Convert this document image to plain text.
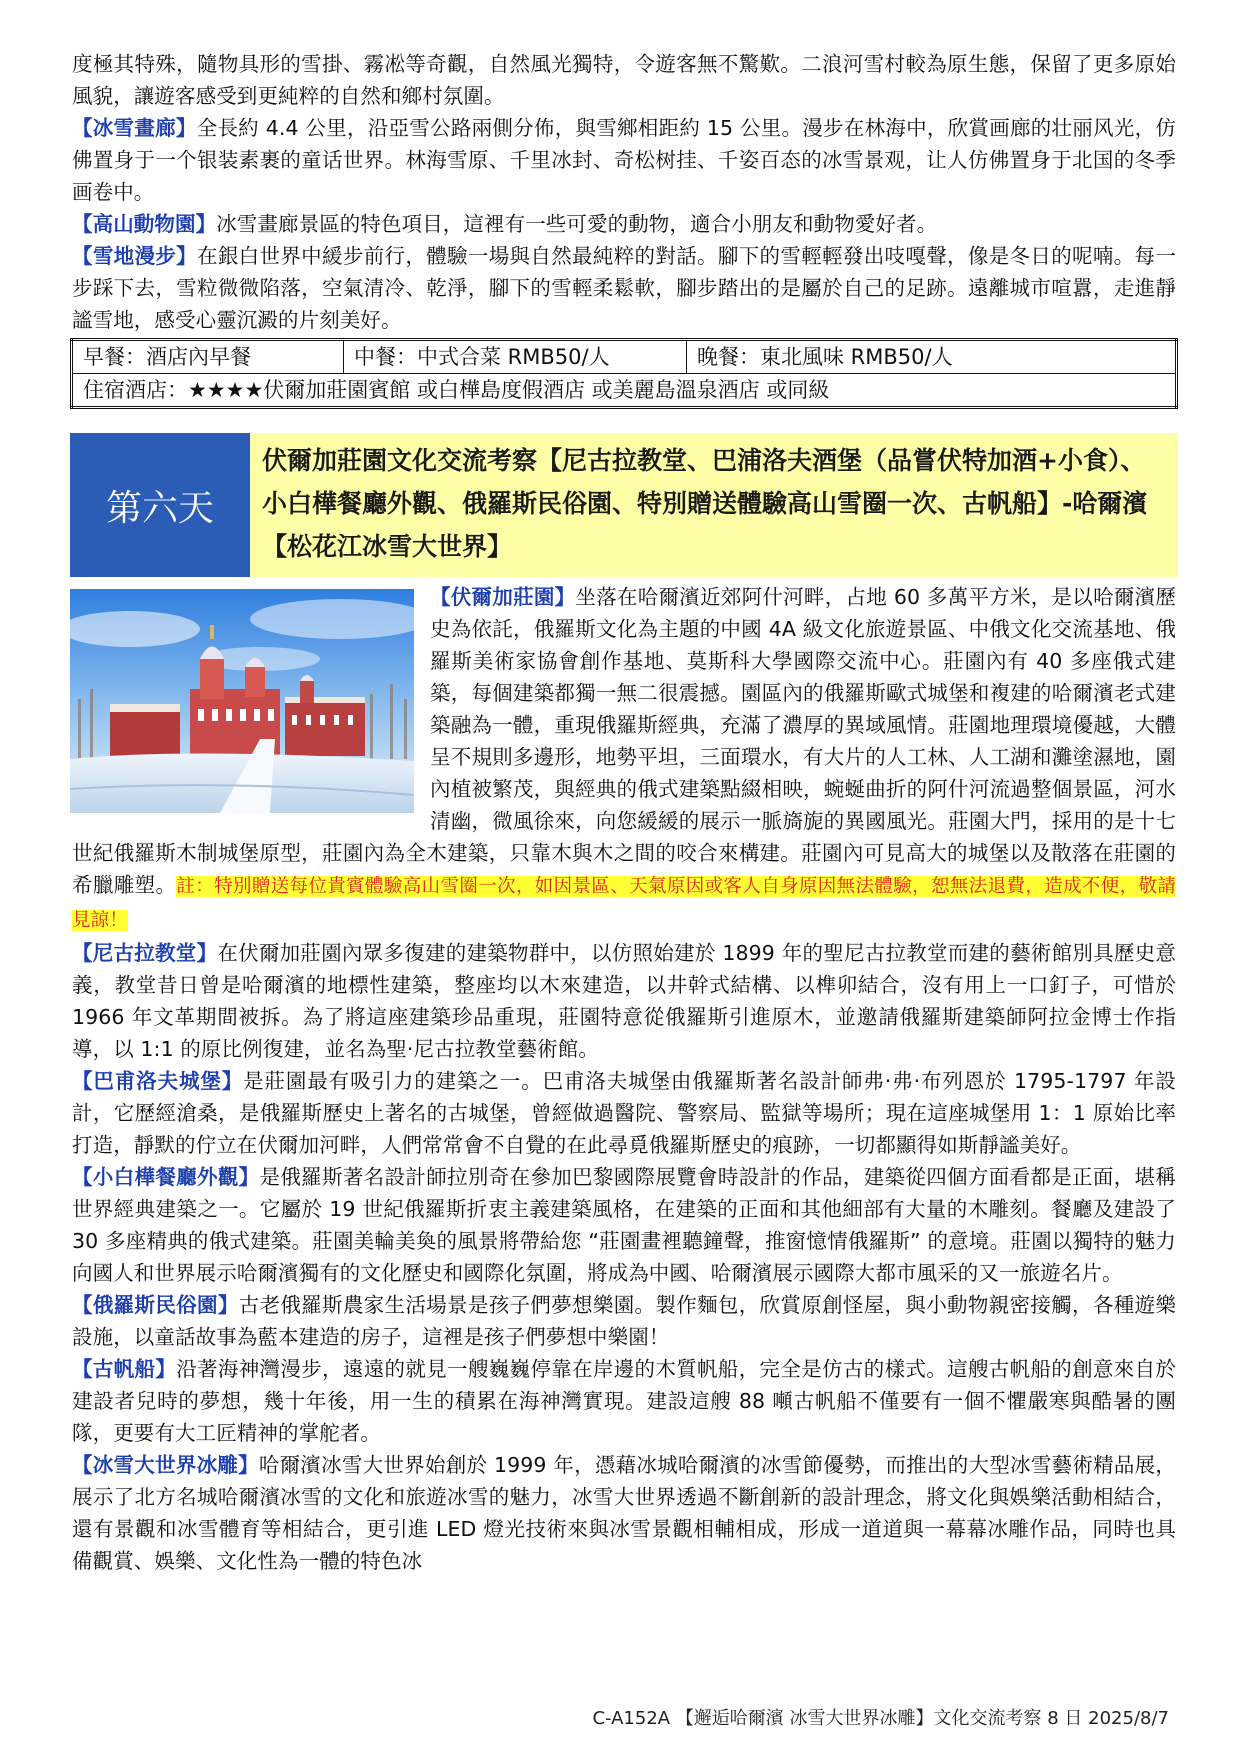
度極其特殊，隨物具形的雪掛、霧凇等奇觀，自然風光獨特，令遊客無不驚歎。二浪河雪村較為原生態，保留了更多原始風貌，讓遊客感受到更純粹的自然和鄉村氛圍。

【冰雪畫廊】全長約 4.4 公里，沿亞雪公路兩側分佈，與雪鄉相距約 15 公里。漫步在林海中，欣賞画廊的壮丽风光，仿佛置身于一个银装素裹的童话世界。林海雪原、千里冰封、奇松树挂、千姿百态的冰雪景观，让人仿佛置身于北国的冬季画卷中。

【高山動物園】冰雪畫廊景區的特色項目，這裡有一些可愛的動物，適合小朋友和動物愛好者。

【雪地漫步】在銀白世界中緩步前行，體驗一場與自然最純粹的對話。腳下的雪輕輕發出吱嘎聲，像是冬日的呢喃。每一步踩下去，雪粒微微陷落，空氣清冷、乾淨，腳下的雪輕柔鬆軟，腳步踏出的是屬於自己的足跡。遠離城市喧囂，走進靜謐雪地，感受心靈沉澱的片刻美好。

早餐：酒店內早餐	中餐：中式合菜 RMB50/人	晚餐：東北風味 RMB50/人
住宿酒店：★★★★伏爾加莊園賓館 或白樺島度假酒店 或美麗島溫泉酒店 或同級
第六天
伏爾加莊園文化交流考察【尼古拉教堂、巴浦洛夫酒堡（品嘗伏特加酒+小食）、小白樺餐廳外觀、俄羅斯民俗園、特別贈送體驗高山雪圈一次、古帆船】-哈爾濱【松花江冰雪大世界】

【伏爾加莊園】坐落在哈爾濱近郊阿什河畔，占地 60 多萬平方米，是以哈爾濱歷史為依託，俄羅斯文化為主題的中國 4A 級文化旅遊景區、中俄文化交流基地、俄羅斯美術家協會創作基地、莫斯科大學國際交流中心。莊園內有 40 多座俄式建築，每個建築都獨一無二很震撼。園區內的俄羅斯歐式城堡和複建的哈爾濱老式建築融為一體，重現俄羅斯經典，充滿了濃厚的異域風情。莊園地理環境優越，大體呈不規則多邊形，地勢平坦，三面環水，有大片的人工林、人工湖和灘塗濕地，園內植被繁茂，與經典的俄式建築點綴相映，蜿蜒曲折的阿什河流過整個景區，河水清幽，微風徐來，向您緩緩的展示一脈旖旎的異國風光。莊園大門，採用的是十七世紀俄羅斯木制城堡原型，莊園內為全木建築，只靠木與木之間的咬合來構建。莊園內可見高大的城堡以及散落在莊園的希臘雕塑。註：特別贈送每位貴賓體驗高山雪圈一次，如因景區、天氣原因或客人自身原因無法體驗，恕無法退費，造成不便，敬請見諒！

【尼古拉教堂】在伏爾加莊園內眾多復建的建築物群中，以仿照始建於 1899 年的聖尼古拉教堂而建的藝術館別具歷史意義，教堂昔日曾是哈爾濱的地標性建築，整座均以木來建造，以井幹式結構、以榫卯結合，沒有用上一口釘子，可惜於 1966 年文革期間被拆。為了將這座建築珍品重現，莊園特意從俄羅斯引進原木，並邀請俄羅斯建築師阿拉金博士作指導，以 1:1 的原比例復建，並名為聖·尼古拉教堂藝術館。

【巴甫洛夫城堡】是莊園最有吸引力的建築之一。巴甫洛夫城堡由俄羅斯著名設計師弗·弗·布列恩於 1795-1797 年設計，它歷經滄桑，是俄羅斯歷史上著名的古城堡，曾經做過醫院、警察局、監獄等場所；現在這座城堡用 1：1 原始比率打造，靜默的佇立在伏爾加河畔，人們常常會不自覺的在此尋覓俄羅斯歷史的痕跡，一切都顯得如斯靜謐美好。

【小白樺餐廳外觀】是俄羅斯著名設計師拉別奇在參加巴黎國際展覽會時設計的作品，建築從四個方面看都是正面，堪稱世界經典建築之一。它屬於 19 世紀俄羅斯折衷主義建築風格，在建築的正面和其他細部有大量的木雕刻。餐廳及建設了 30 多座精典的俄式建築。莊園美輪美奐的風景將帶給您 “莊園畫裡聽鐘聲，推窗憶情俄羅斯” 的意境。莊園以獨特的魅力向國人和世界展示哈爾濱獨有的文化歷史和國際化氛圍，將成為中國、哈爾濱展示國際大都市風采的又一旅遊名片。

【俄羅斯民俗園】古老俄羅斯農家生活場景是孩子們夢想樂園。製作麵包，欣賞原創怪屋，與小動物親密接觸，各種遊樂設施，以童話故事為藍本建造的房子，這裡是孩子們夢想中樂園！

【古帆船】沿著海神灣漫步，遠遠的就見一艘巍巍停靠在岸邊的木質帆船，完全是仿古的樣式。這艘古帆船的創意來自於建設者兒時的夢想，幾十年後，用一生的積累在海神灣實現。建設這艘 88 噸古帆船不僅要有一個不懼嚴寒與酷暑的團隊，更要有大工匠精神的掌舵者。

【冰雪大世界冰雕】哈爾濱冰雪大世界始創於 1999 年，憑藉冰城哈爾濱的冰雪節優勢，而推出的大型冰雪藝術精品展，展示了北方名城哈爾濱冰雪的文化和旅遊冰雪的魅力，冰雪大世界透過不斷創新的設計理念，將文化與娛樂活動相結合，還有景觀和冰雪體育等相結合，更引進 LED 燈光技術來與冰雪景觀相輔相成，形成一道道與一幕幕冰雕作品，同時也具備觀賞、娛樂、文化性為一體的特色冰

C-A152A 【邂逅哈爾濱 冰雪大世界冰雕】文化交流考察 8 日 2025/8/7
